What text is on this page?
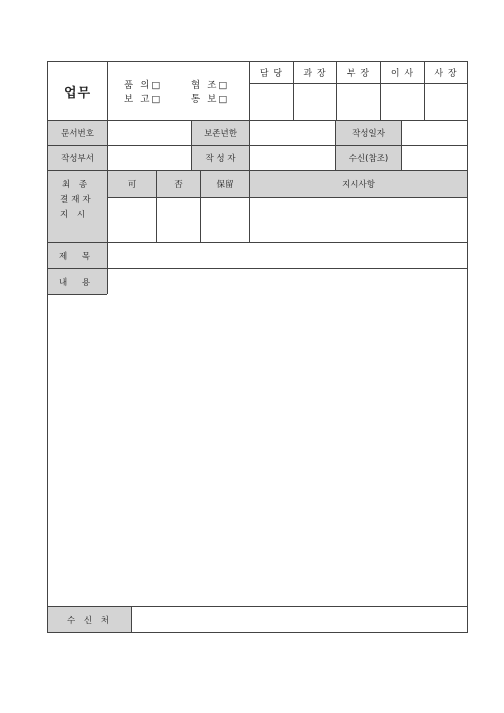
업무	품 의□	협 조□
보 고□	통 보□
담 당	과 장	부 장	이 사	사 장
문서번호	보존년한	작성일자
작성부서	작 성 자	수신(참조)
최 종
결재자
지 시
可	否	保留	지시사항
제 목
내 용
수 신 처
